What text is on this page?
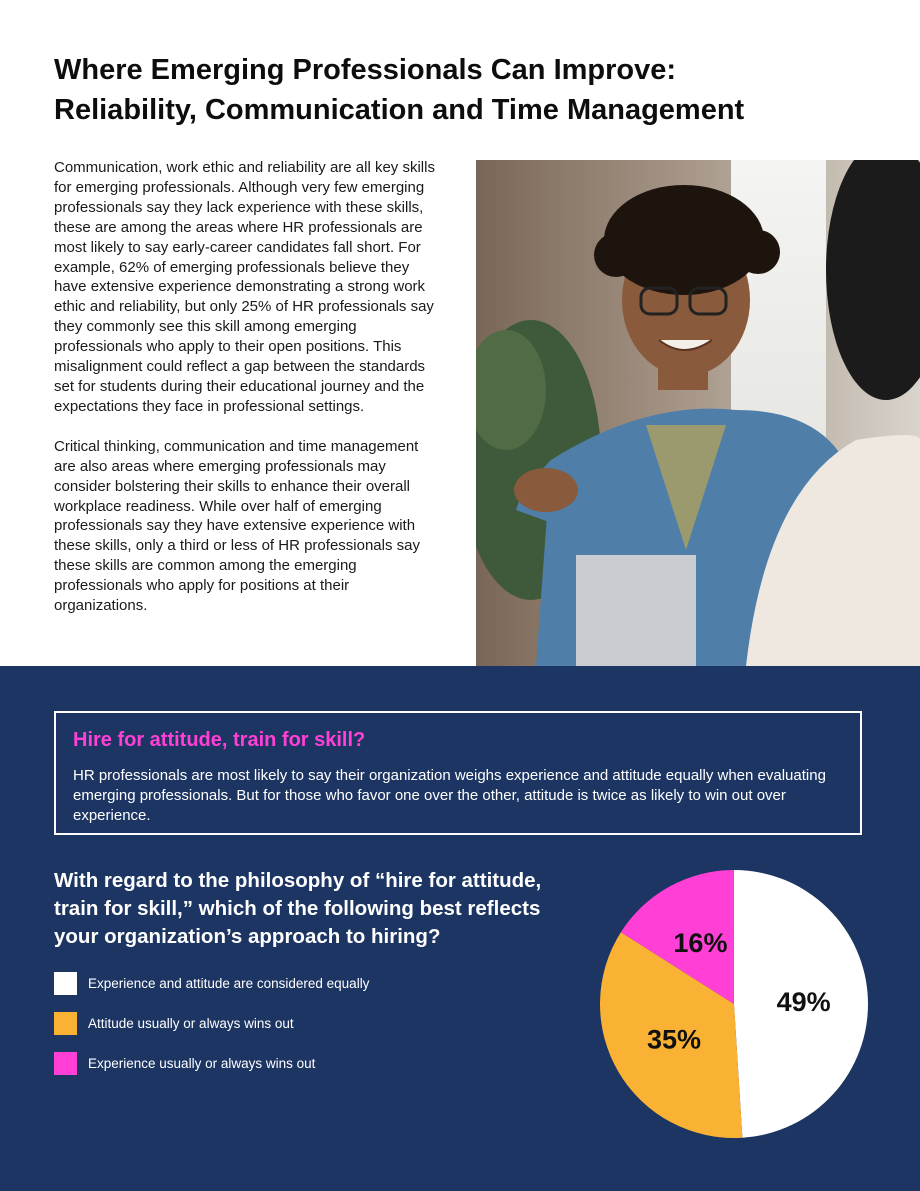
Where Emerging Professionals Can Improve:
Reliability, Communication and Time Management

Communication, work ethic and reliability are all key skills for emerging professionals. Although very few emerging professionals say they lack experience with these skills, these are among the areas where HR professionals are most likely to say early-career candidates fall short. For example, 62% of emerging professionals believe they have extensive experience demonstrating a strong work ethic and reliability, but only 25% of HR professionals say they commonly see this skill among emerging professionals who apply to their open positions. This misalignment could reflect a gap between the standards set for students during their educational journey and the expectations they face in professional settings.

Critical thinking, communication and time management are also areas where emerging professionals may consider bolstering their skills to enhance their overall workplace readiness. While over half of emerging professionals say they have extensive experience with these skills, only a third or less of HR professionals say these skills are common among the emerging professionals who apply for positions at their organizations.

Hire for attitude, train for skill?

HR professionals are most likely to say their organization weighs experience and attitude equally when evaluating emerging professionals. But for those who favor one over the other, attitude is twice as likely to win out over experience.

With regard to the philosophy of “hire for attitude, train for skill,” which of the following best reflects your organization’s approach to hiring?

Experience and attitude are considered equally
Attitude usually or always wins out
Experience usually or always wins out
49%
35%
16%
